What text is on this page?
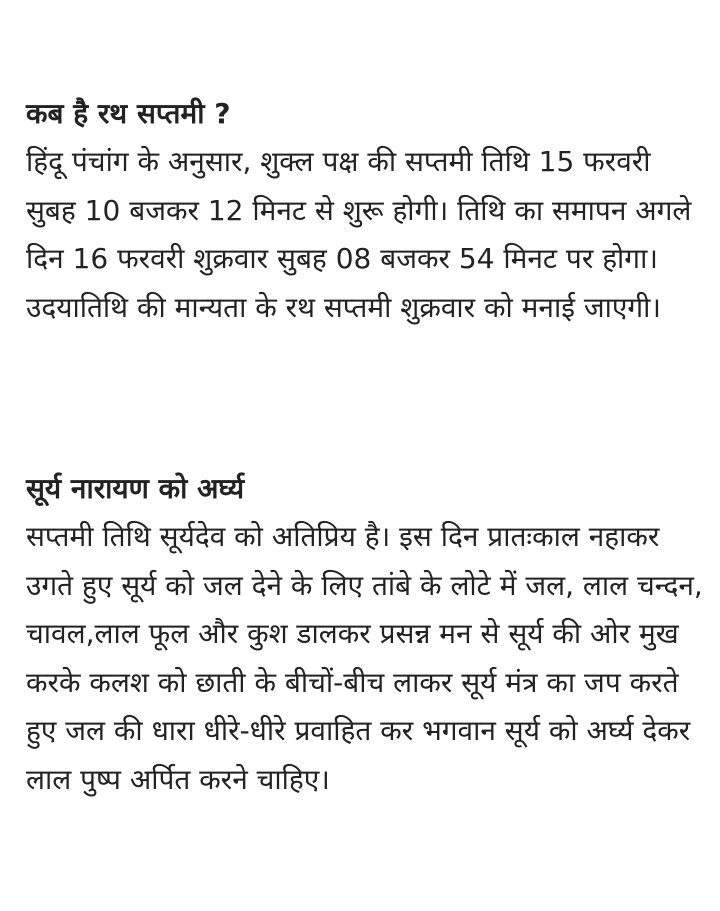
कब है रथ सप्तमी ?

हिंदू पंचांग के अनुसार, शुक्ल पक्ष की सप्तमी तिथि 15 फरवरी सुबह 10 बजकर 12 मिनट से शुरू होगी। तिथि का समापन अगले दिन 16 फरवरी शुक्रवार सुबह 08 बजकर 54 मिनट पर होगा। उदयातिथि की मान्यता के रथ सप्तमी शुक्रवार को मनाई जाएगी।

सूर्य नारायण को अर्घ्य

सप्तमी तिथि सूर्यदेव को अतिप्रिय है। इस दिन प्रातःकाल नहाकर उगते हुए सूर्य को जल देने के लिए तांबे के लोटे में जल, लाल चन्दन, चावल,लाल फूल और कुश डालकर प्रसन्न मन से सूर्य की ओर मुख करके कलश को छाती के बीचों-बीच लाकर सूर्य मंत्र का जप करते हुए जल की धारा धीरे-धीरे प्रवाहित कर भगवान सूर्य को अर्घ्य देकर लाल पुष्प अर्पित करने चाहिए।
